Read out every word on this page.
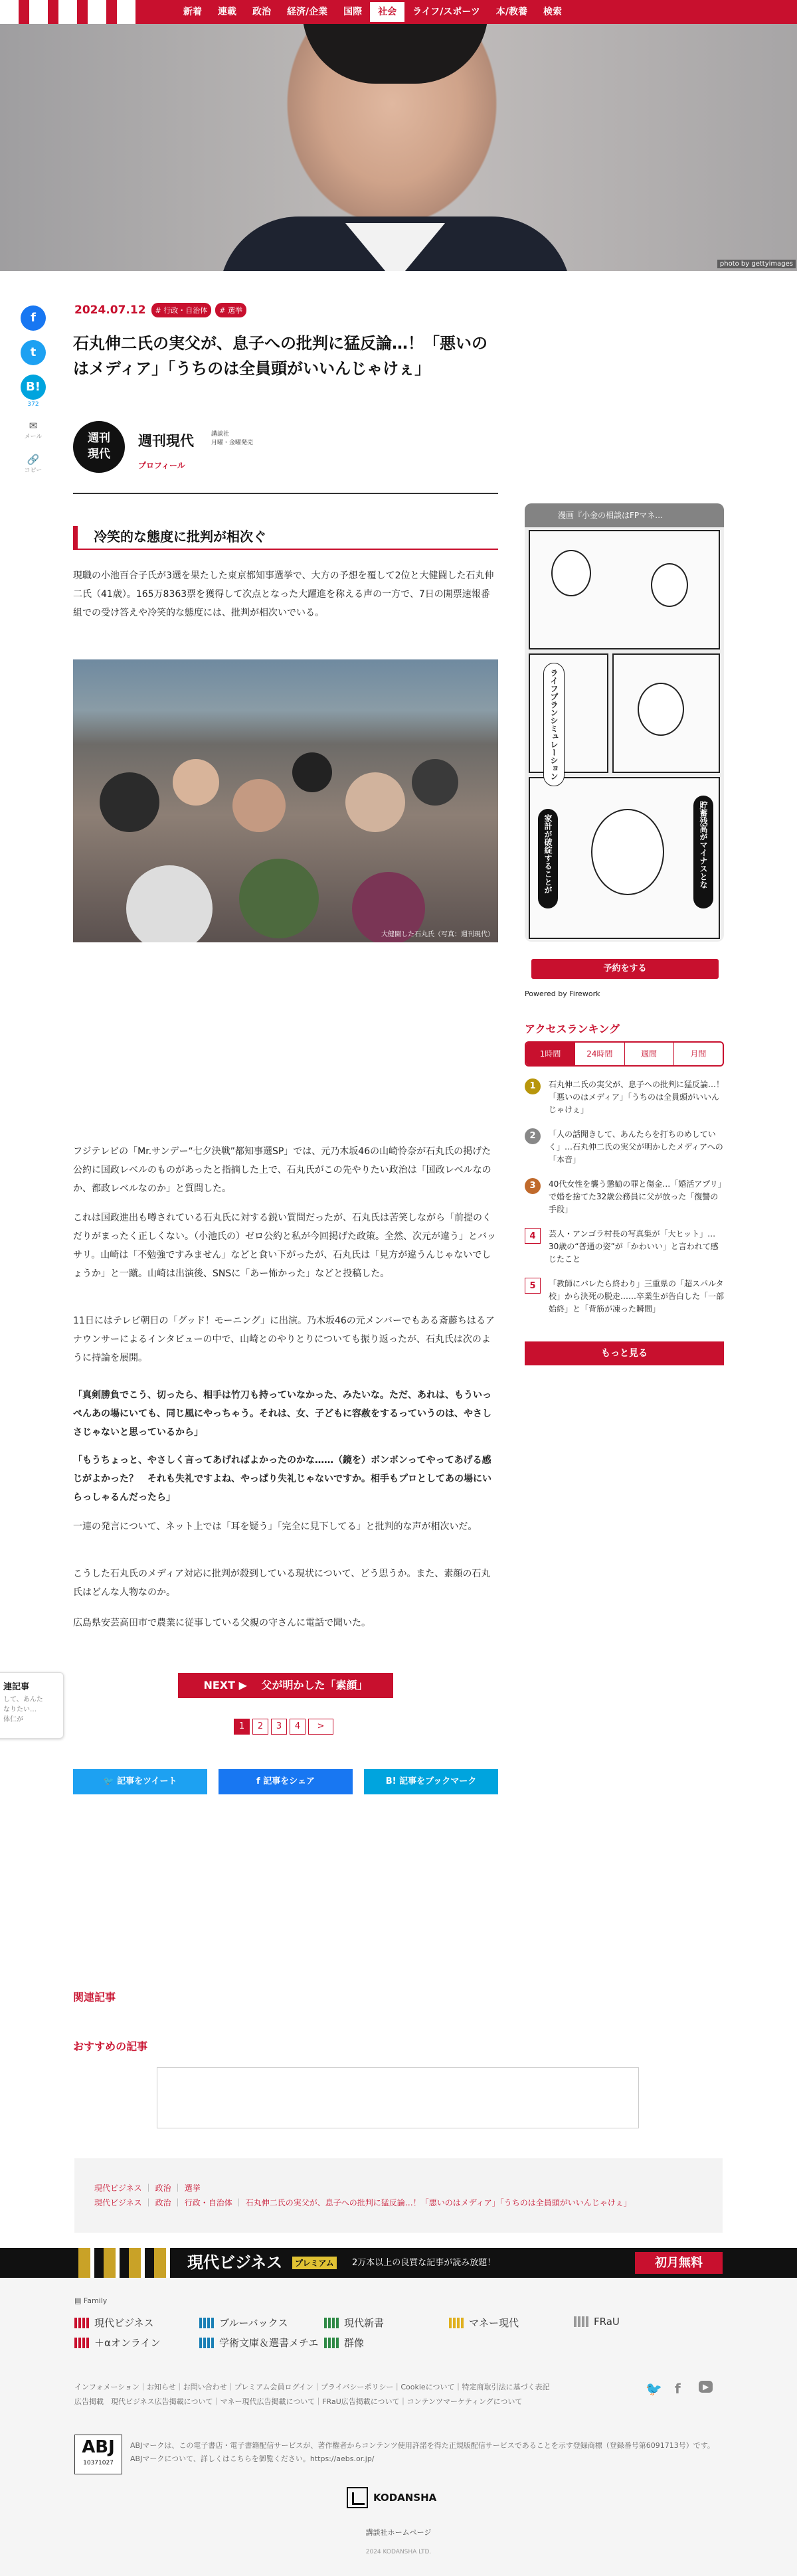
新着	連載	政治	経済/企業	国際	社会	ライフ/スポーツ	本/教養	検索
photo by gettyimages
f
t
B!
372
✉
メール
🔗
コピー
2024.07.12	# 行政・自治体	# 選挙
石丸伸二氏の実父が、息子への批判に猛反論…！「悪いのはメディア」「うちのは全員頭がいいんじゃけぇ」
週刊
現代
週刊現代	講談社
月曜・金曜発売
プロフィール
冷笑的な態度に批判が相次ぐ

現職の小池百合子氏が3選を果たした東京都知事選挙で、大方の予想を覆して2位と大健闘した石丸伸二氏（41歳）。165万8363票を獲得して次点となった大躍進を称える声の一方で、7日の開票速報番組での受け答えや冷笑的な態度には、批判が相次いでいる。

大健闘した石丸氏（写真：週刊現代）

フジテレビの「Mr.サンデー“七夕決戦”都知事選SP」では、元乃木坂46の山崎怜奈が石丸氏の掲げた公約に国政レベルのものがあったと指摘した上で、石丸氏がこの先やりたい政治は「国政レベルなのか、都政レベルなのか」と質問した。

これは国政進出も噂されている石丸氏に対する鋭い質問だったが、石丸氏は苦笑しながら「前提のくだりがまったく正しくない。（小池氏の）ゼロ公約と私が今回掲げた政策。全然、次元が違う」とバッサリ。山崎は「不勉強ですみません」などと食い下がったが、石丸氏は「見方が違うんじゃないでしょうか」と一蹴。山崎は出演後、SNSに「あー怖かった」などと投稿した。

11日にはテレビ朝日の「グッド！モーニング」に出演。乃木坂46の元メンバーでもある斎藤ちはるアナウンサーによるインタビューの中で、山崎とのやりとりについても振り返ったが、石丸氏は次のように持論を展開。

「真剣勝負でこう、切ったら、相手は竹刀も持っていなかった、みたいな。ただ、あれは、もういっぺんあの場にいても、同じ風にやっちゃう。それは、女、子どもに容赦をするっていうのは、やさしさじゃないと思っているから」

「もうちょっと、やさしく言ってあげればよかったのかな……（鏡を）ボンボンってやってあげる感じがよかった？　それも失礼ですよね、やっぱり失礼じゃないですか。相手もプロとしてあの場にいらっしゃるんだったら」

一連の発言について、ネット上では「耳を疑う」「完全に見下してる」と批判的な声が相次いだ。

こうした石丸氏のメディア対応に批判が殺到している現状について、どう思うか。また、素顔の石丸氏はどんな人物なのか。

広島県安芸高田市で農業に従事している父親の守さんに電話で聞いた。

NEXT ▶　 父が明かした「素顔」
1	2	3	4	>
🐦 記事をツイート	f 記事をシェア	B! 記事をブックマーク
関連記事
おすすめの記事
現代ビジネス ｜ 政治 ｜ 選挙
現代ビジネス ｜ 政治 ｜ 行政・自治体 ｜ 石丸伸二氏の実父が、息子への批判に猛反論…！「悪いのはメディア」「うちのは全員頭がいいんじゃけぇ」
連記事
して、あんた
なりたい…
体仁が
漫画『小金の相談はFPマネ…
ライフプランシミュレーション
家計が破綻することが	貯蓄残高がマイナスとな
予約をする
Powered by Firework
アクセスランキング
1時間	24時間	週間	月間
1	石丸伸二氏の実父が、息子への批判に猛反論…！「悪いのはメディア」「うちのは全員頭がいいんじゃけぇ」
2	「人の話聞きして、あんたらを打ちのめしていく」…石丸伸二氏の実父が明かしたメディアへの「本音」
3	40代女性を襲う懲勧の罪と傷金…「婚活アプリ」で婚を捨てた32歳公務員に父が放った「復讐の手段」
4	芸人・アンゴラ村長の写真集が「大ヒット」…30歳の“普通の姿”が「かわいい」と言われて感じたこと
5	「教師にバレたら終わり」三重県の「超スパルタ校」から決死の脱走……卒業生が告白した「一部始終」と「背筋が凍った瞬間」
もっと見る
現代ビジネス	プレミアム	2万本以上の良質な記事が読み放題！	初月無料
▤ Family
現代ビジネス	ブルーバックス	現代新書	マネー現代	FRaU
＋αオンライン	学術文庫＆選書メチエ	群像
インフォメーション｜お知らせ｜お問い合わせ｜プレミアム会員ログイン｜プライバシーポリシー｜Cookieについて｜特定商取引法に基づく表記
広告掲載　現代ビジネス広告掲載について｜マネー現代広告掲載について｜FRaU広告掲載について｜コンテンツマーケティングについて
🐦 f	▶
ABJ
10371027
ABJマークは、この電子書店・電子書籍配信サービスが、著作権者からコンテンツ使用許諾を得た正規版配信サービスであることを示す登録商標（登録番号第6091713号）です。ABJマークについて、詳しくはこちらを御覧ください。https://aebs.or.jp/
KODANSHA
講談社ホームページ
2024 KODANSHA LTD.
